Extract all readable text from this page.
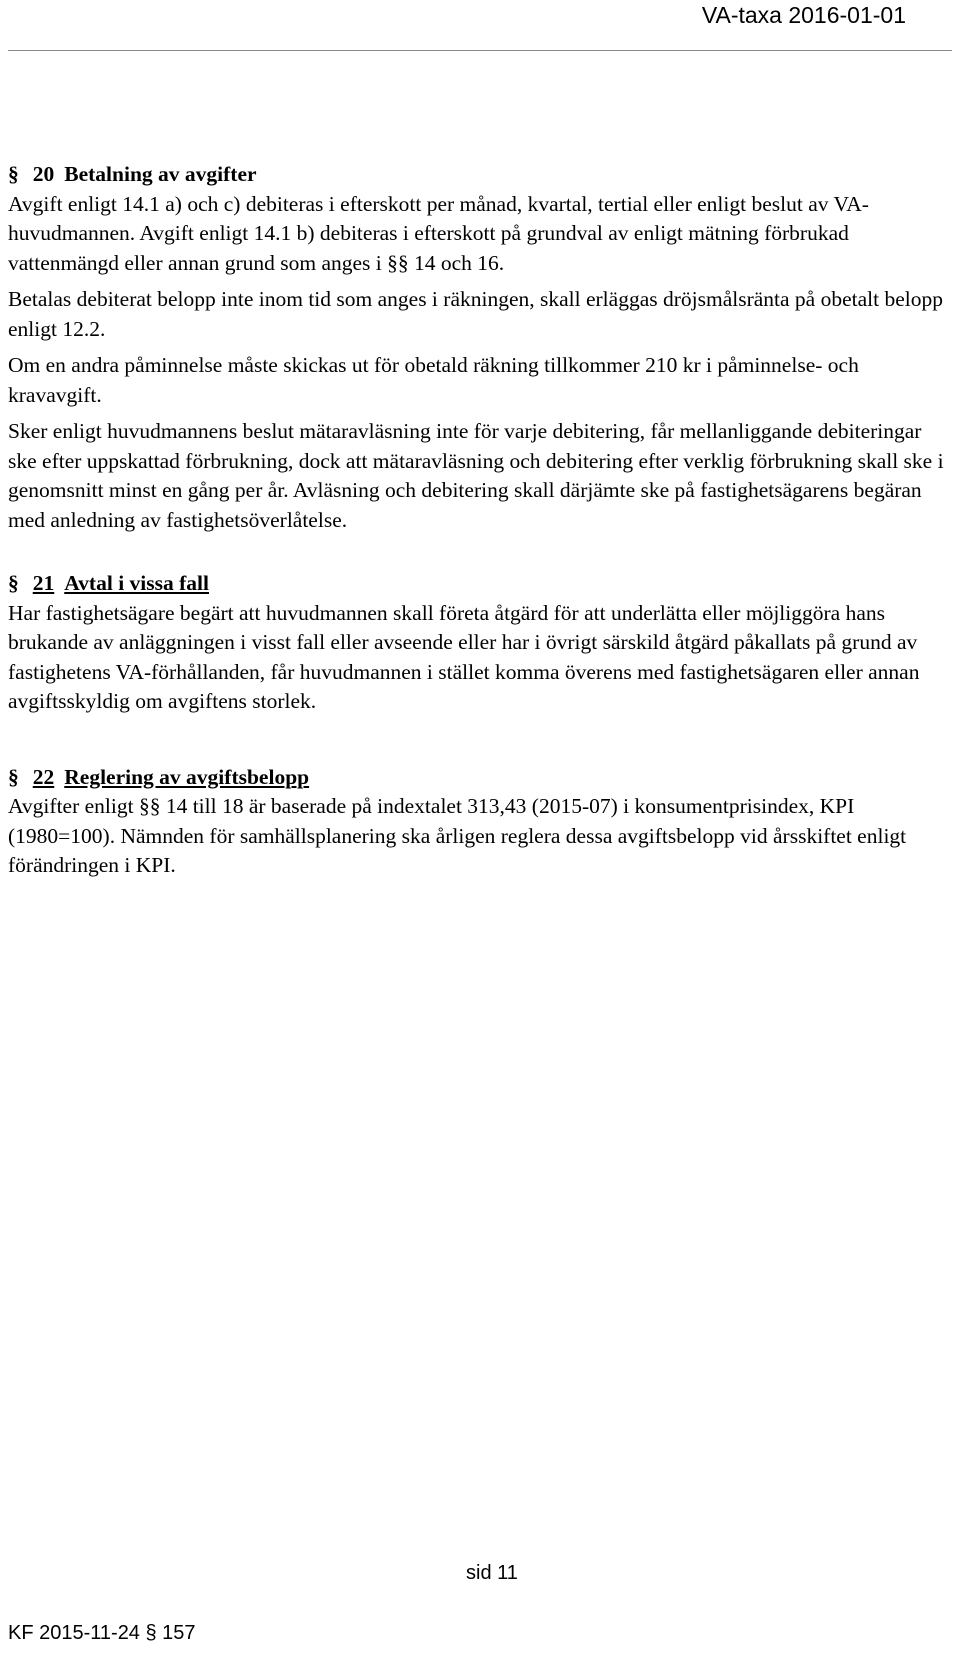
VA-taxa 2016-01-01
§ 20 Betalning av avgifter

Avgift enligt 14.1 a) och c) debiteras i efterskott per månad, kvartal, tertial eller enligt beslut av VA-huvudmannen. Avgift enligt 14.1 b) debiteras i efterskott på grundval av enligt mätning förbrukad vattenmängd eller annan grund som anges i §§ 14 och 16.

Betalas debiterat belopp inte inom tid som anges i räkningen, skall erläggas dröjsmålsränta på obetalt belopp enligt 12.2.

Om en andra påminnelse måste skickas ut för obetald räkning tillkommer 210 kr i påminnelse- och kravavgift.

Sker enligt huvudmannens beslut mätaravläsning inte för varje debitering, får mellanliggande debiteringar ske efter uppskattad förbrukning, dock att mätaravläsning och debitering efter verklig förbrukning skall ske i genomsnitt minst en gång per år. Avläsning och debitering skall därjämte ske på fastighetsägarens begäran med anledning av fastighetsöverlåtelse.

§ 21 Avtal i vissa fall

Har fastighetsägare begärt att huvudmannen skall företa åtgärd för att underlätta eller möjliggöra hans brukande av anläggningen i visst fall eller avseende eller har i övrigt särskild åtgärd påkallats på grund av fastighetens VA-förhållanden, får huvudmannen i stället komma överens med fastighetsägaren eller annan avgiftsskyldig om avgiftens storlek.

§ 22 Reglering av avgiftsbelopp

Avgifter enligt §§ 14 till 18 är baserade på indextalet 313,43 (2015-07) i konsumentprisindex, KPI (1980=100). Nämnden för samhällsplanering ska årligen reglera dessa avgiftsbelopp vid årsskiftet enligt förändringen i KPI.

sid 11
KF 2015-11-24 § 157
